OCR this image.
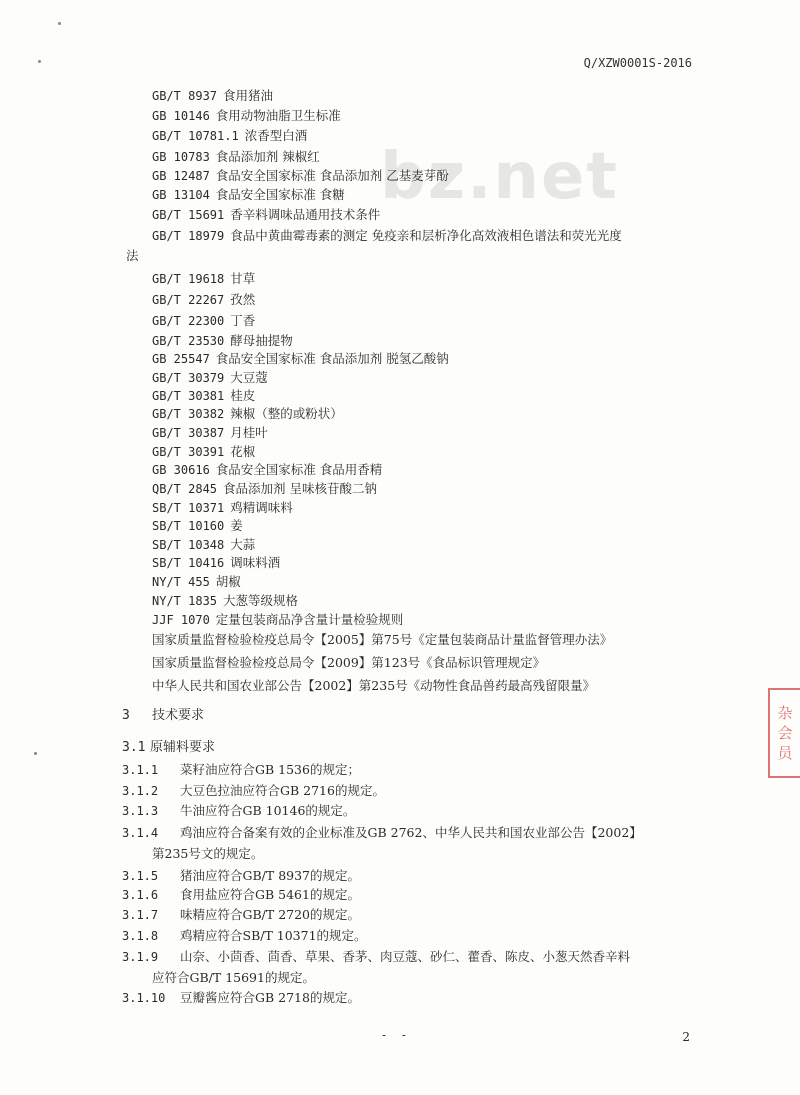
Q/XZW0001S-2016
bz.net
GB/T 8937 食用猪油
GB 10146 食用动物油脂卫生标准
GB/T 10781.1 浓香型白酒
GB 10783 食品添加剂 辣椒红
GB 12487 食品安全国家标准 食品添加剂 乙基麦芽酚
GB 13104 食品安全国家标准 食糖
GB/T 15691 香辛料调味品通用技术条件
GB/T 18979 食品中黄曲霉毒素的测定 免疫亲和层析净化高效液相色谱法和荧光光度
法
GB/T 19618 甘草
GB/T 22267 孜然
GB/T 22300 丁香
GB/T 23530 酵母抽提物
GB 25547 食品安全国家标准 食品添加剂 脱氢乙酸钠
GB/T 30379 大豆蔻
GB/T 30381 桂皮
GB/T 30382 辣椒（整的或粉状）
GB/T 30387 月桂叶
GB/T 30391 花椒
GB 30616 食品安全国家标准 食品用香精
QB/T 2845 食品添加剂 呈味核苷酸二钠
SB/T 10371 鸡精调味料
SB/T 10160 姜
SB/T 10348 大蒜
SB/T 10416 调味料酒
NY/T 455 胡椒
NY/T 1835 大葱等级规格
JJF 1070 定量包装商品净含量计量检验规则
国家质量监督检验检疫总局令【2005】第75号《定量包装商品计量监督管理办法》
国家质量监督检验检疫总局令【2009】第123号《食品标识管理规定》
中华人民共和国农业部公告【2002】第235号《动物性食品兽药最高残留限量》
3 技术要求
3.1 原辅料要求
3.1.1 菜籽油应符合GB 1536的规定；
3.1.2 大豆色拉油应符合GB 2716的规定。
3.1.3 牛油应符合GB 10146的规定。
3.1.4 鸡油应符合备案有效的企业标准及GB 2762、中华人民共和国农业部公告【2002】
第235号文的规定。
3.1.5 猪油应符合GB/T 8937的规定。
3.1.6 食用盐应符合GB 5461的规定。
3.1.7 味精应符合GB/T 2720的规定。
3.1.8 鸡精应符合SB/T 10371的规定。
3.1.9 山奈、小茴香、茴香、草果、香茅、肉豆蔻、砂仁、藿香、陈皮、小葱天然香辛料
应符合GB/T 15691的规定。
3.1.10 豆瓣酱应符合GB 2718的规定。
- -	2
杂
会
员
